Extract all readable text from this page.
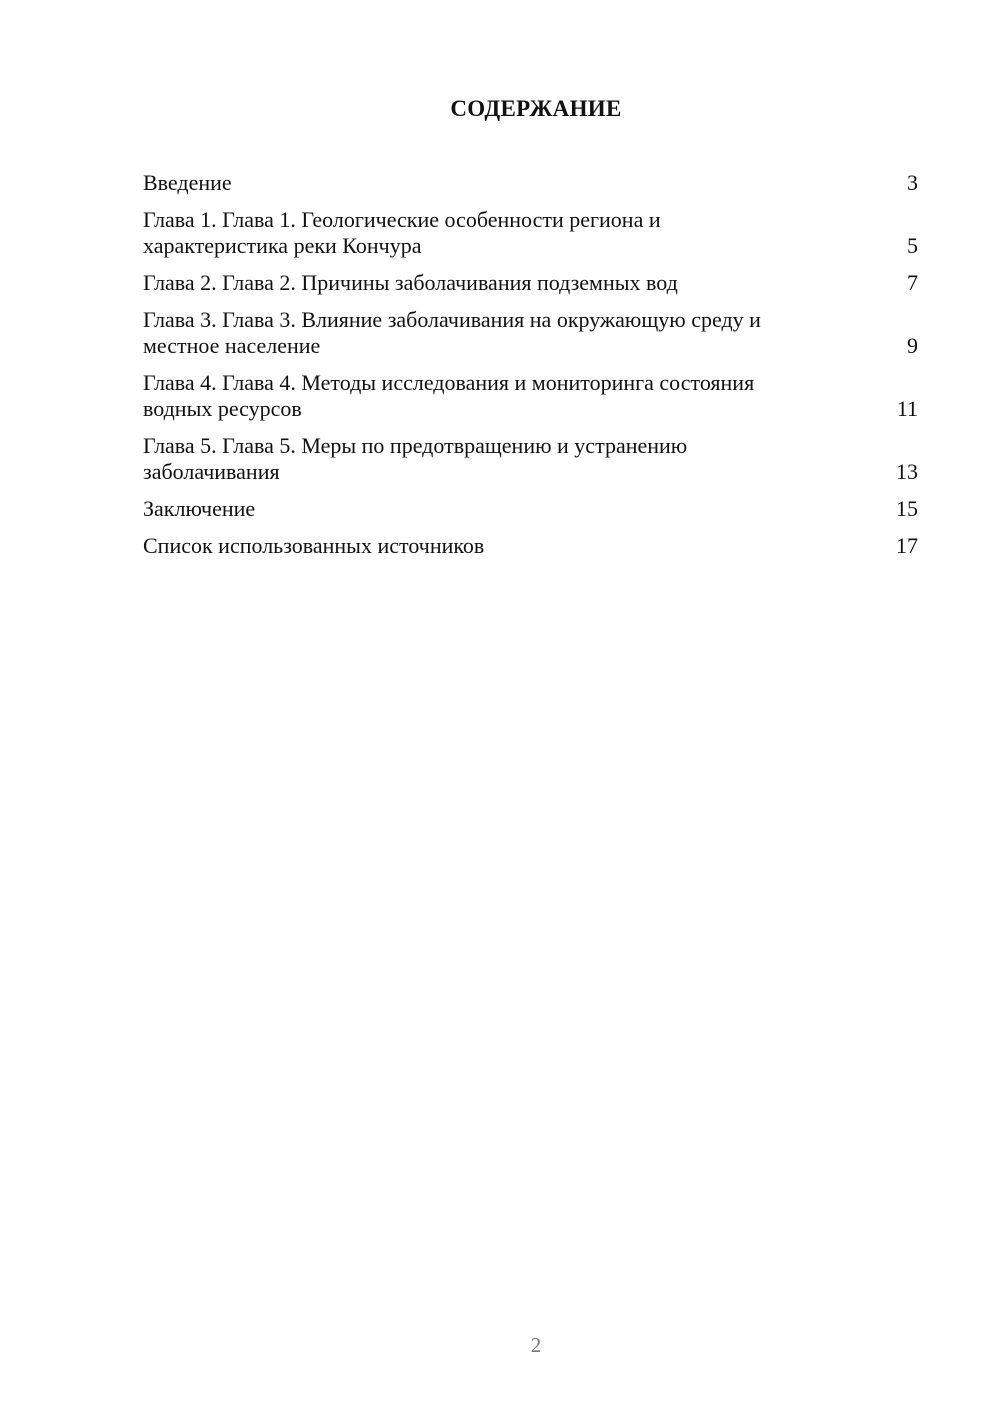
СОДЕРЖАНИЕ
Введение	3
Глава 1. Глава 1. Геологические особенности региона и характеристика реки Кончура	5
Глава 2. Глава 2. Причины заболачивания подземных вод	7
Глава 3. Глава 3. Влияние заболачивания на окружающую среду и местное население	9
Глава 4. Глава 4. Методы исследования и мониторинга состояния водных ресурсов	11
Глава 5. Глава 5. Меры по предотвращению и устранению заболачивания	13
Заключение	15
Список использованных источников	17
2
